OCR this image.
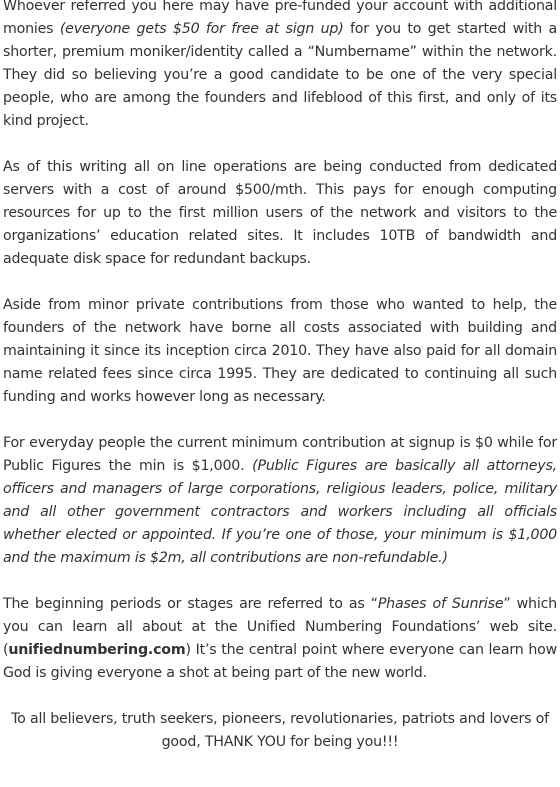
Whoever referred you here may have pre-funded your account with additional monies (everyone gets $50 for free at sign up) for you to get started with a shorter, premium moniker/identity called a “Numbername” within the network. They did so believing you’re a good candidate to be one of the very special people, who are among the founders and lifeblood of this first, and only of its kind project.

As of this writing all on line operations are being conducted from dedicated servers with a cost of around $500/mth. This pays for enough computing resources for up to the first million users of the network and visitors to the organizations’ education related sites. It includes 10TB of bandwidth and adequate disk space for redundant backups.

Aside from minor private contributions from those who wanted to help, the founders of the network have borne all costs associated with building and maintaining it since its inception circa 2010. They have also paid for all domain name related fees since circa 1995. They are dedicated to continuing all such funding and works however long as necessary.

For everyday people the current minimum contribution at signup is $0 while for Public Figures the min is $1,000. (Public Figures are basically all attorneys, officers and managers of large corporations, religious leaders, police, military and all other government contractors and workers including all officials whether elected or appointed. If you’re one of those, your minimum is $1,000 and the maximum is $2m, all contributions are non-refundable.)

The beginning periods or stages are referred to as “Phases of Sunrise” which you can learn all about at the Unified Numbering Foundations’ web site. (unifiednumbering.com) It’s the central point where everyone can learn how God is giving everyone a shot at being part of the new world.

To all believers, truth seekers, pioneers, revolutionaries, patriots and lovers of good, THANK YOU for being you!!!
